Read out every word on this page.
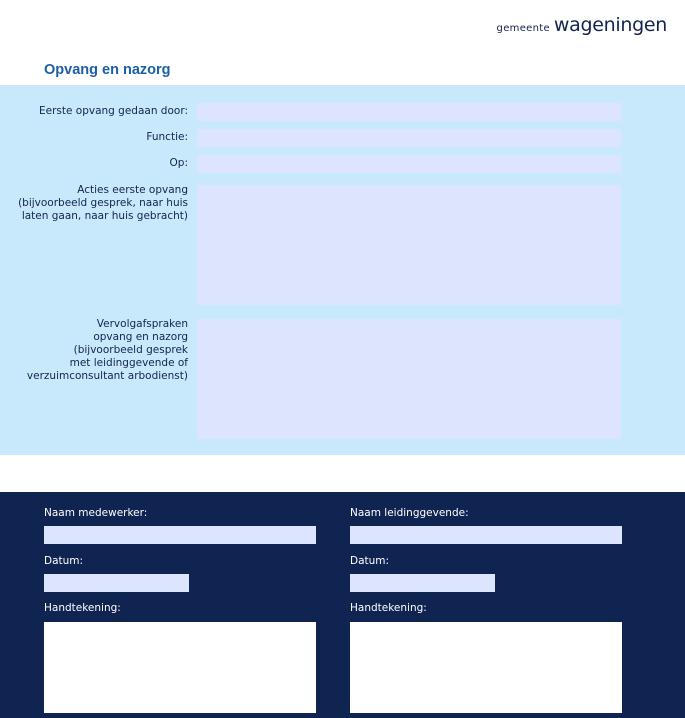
gemeente wageningen
Opvang en nazorg
Eerste opvang gedaan door:
Functie:
Op:
Acties eerste opvang
(bijvoorbeeld gesprek, naar huis
laten gaan, naar huis gebracht)
Vervolgafspraken
opvang en nazorg
(bijvoorbeeld gesprek
met leidinggevende of
verzuimconsultant arbodienst)
Naam medewerker:	Naam leidinggevende:
Datum:	Datum:
Handtekening:	Handtekening:
